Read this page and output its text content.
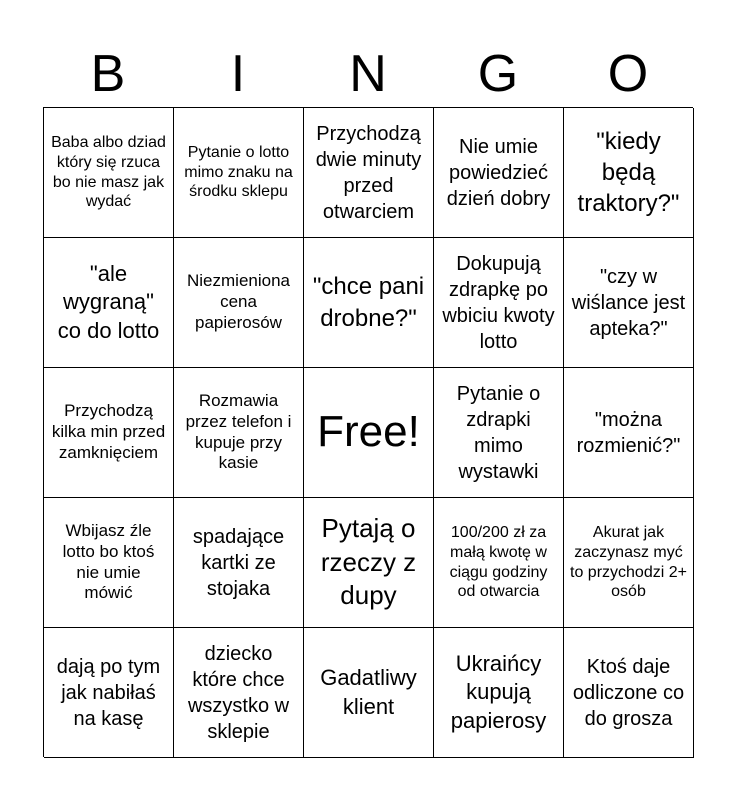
B	I	N	G	O
Baba albo dziad który się rzuca bo nie masz jak wydać
Pytanie o lotto mimo znaku na środku sklepu
Przychodzą dwie minuty przed otwarciem
Nie umie powiedzieć dzień dobry
"kiedy będą traktory?"
"ale wygraną" co do lotto
Niezmieniona cena papierosów
"chce pani drobne?"
Dokupują zdrapkę po wbiciu kwoty lotto
"czy w wiślance jest apteka?"
Przychodzą kilka min przed zamknięciem
Rozmawia przez telefon i kupuje przy kasie
Free!
Pytanie o zdrapki mimo wystawki
"można rozmienić?"
Wbijasz źle lotto bo ktoś nie umie mówić
spadające kartki ze stojaka
Pytają o rzeczy z dupy
100/200 zł za małą kwotę w ciągu godziny od otwarcia
Akurat jak zaczynasz myć to przychodzi 2+ osób
dają po tym jak nabiłaś na kasę
dziecko które chce wszystko w sklepie
Gadatliwy klient
Ukraińcy kupują papierosy
Ktoś daje odliczone co do grosza
